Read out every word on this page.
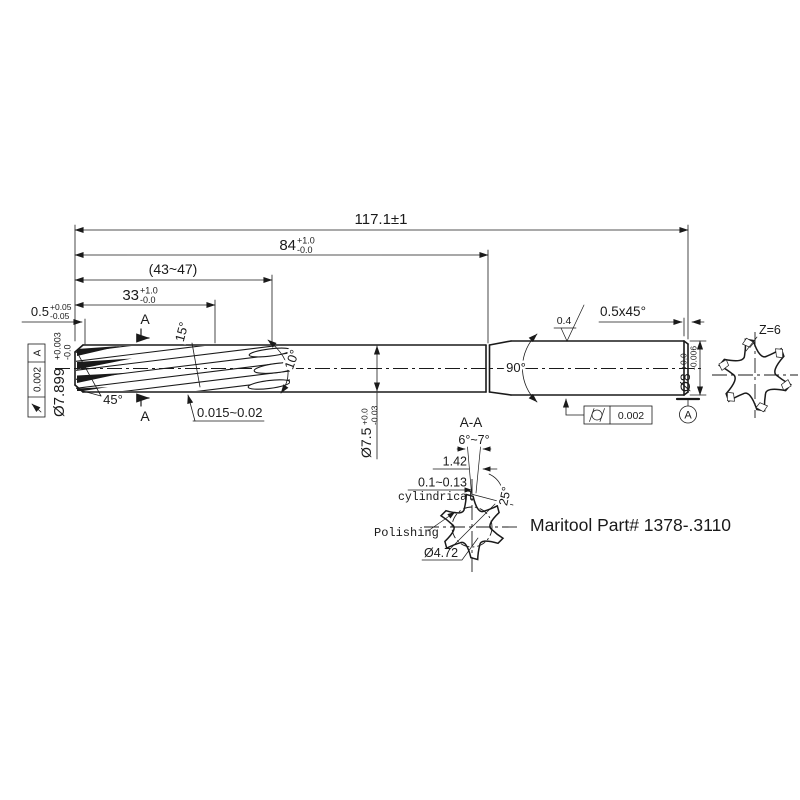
117.1±1
84 +1.0
-0.0
(43~47)
33 +1.0
-0.0
0.5 +0.05
-0.05
0.002
A
Ø7.899
+0.003 -0.0
45°
15°
A
A	0.015~0.02
10°
Ø7.5
+0.0 -0.03
90°
0.4
0.5x45°
Ø8
+0.0 -0.006
A
0.002
A-A
6°~7°
1.42
0.1~0.13
cylindrical 25°
Polishing
Ø4.72
Z=6
Maritool Part# 1378-.3110
